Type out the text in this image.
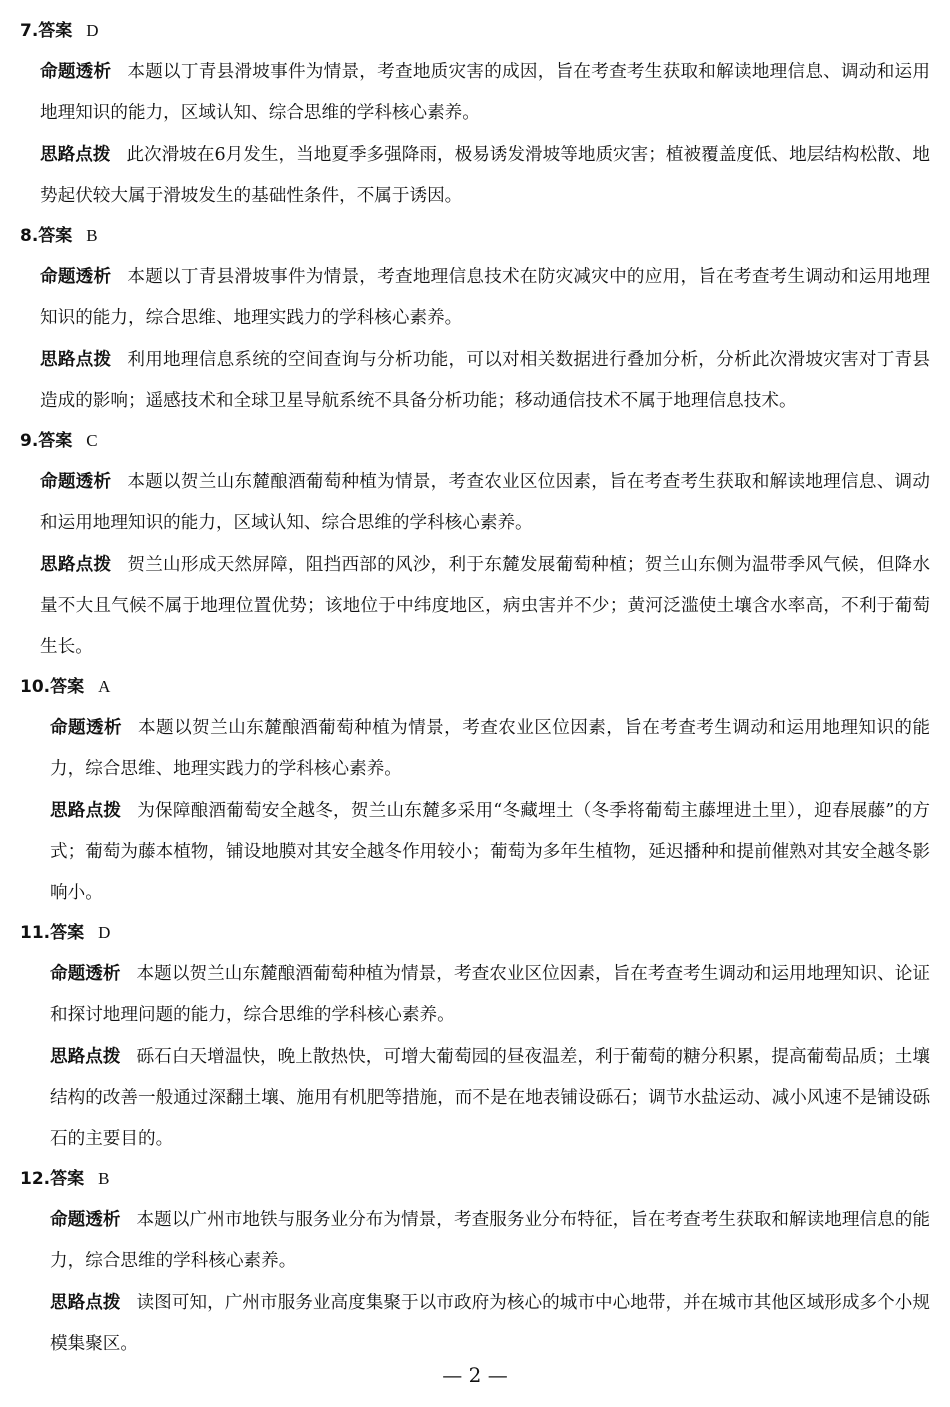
7.答案 D
命题透析 本题以丁青县滑坡事件为情景，考查地质灾害的成因，旨在考查考生获取和解读地理信息、调动和运用地理知识的能力，区域认知、综合思维的学科核心素养。
思路点拨 此次滑坡在6月发生，当地夏季多强降雨，极易诱发滑坡等地质灾害；植被覆盖度低、地层结构松散、地势起伏较大属于滑坡发生的基础性条件，不属于诱因。
8.答案 B
命题透析 本题以丁青县滑坡事件为情景，考查地理信息技术在防灾减灾中的应用，旨在考查考生调动和运用地理知识的能力，综合思维、地理实践力的学科核心素养。
思路点拨 利用地理信息系统的空间查询与分析功能，可以对相关数据进行叠加分析，分析此次滑坡灾害对丁青县造成的影响；遥感技术和全球卫星导航系统不具备分析功能；移动通信技术不属于地理信息技术。
9.答案 C
命题透析 本题以贺兰山东麓酿酒葡萄种植为情景，考查农业区位因素，旨在考查考生获取和解读地理信息、调动和运用地理知识的能力，区域认知、综合思维的学科核心素养。
思路点拨 贺兰山形成天然屏障，阻挡西部的风沙，利于东麓发展葡萄种植；贺兰山东侧为温带季风气候，但降水量不大且气候不属于地理位置优势；该地位于中纬度地区，病虫害并不少；黄河泛滥使土壤含水率高，不利于葡萄生长。
10.答案 A
命题透析 本题以贺兰山东麓酿酒葡萄种植为情景，考查农业区位因素，旨在考查考生调动和运用地理知识的能力，综合思维、地理实践力的学科核心素养。
思路点拨 为保障酿酒葡萄安全越冬，贺兰山东麓多采用“冬藏埋土（冬季将葡萄主藤埋进土里），迎春展藤”的方式；葡萄为藤本植物，铺设地膜对其安全越冬作用较小；葡萄为多年生植物，延迟播种和提前催熟对其安全越冬影响小。
11.答案 D
命题透析 本题以贺兰山东麓酿酒葡萄种植为情景，考查农业区位因素，旨在考查考生调动和运用地理知识、论证和探讨地理问题的能力，综合思维的学科核心素养。
思路点拨 砾石白天增温快，晚上散热快，可增大葡萄园的昼夜温差，利于葡萄的糖分积累，提高葡萄品质；土壤结构的改善一般通过深翻土壤、施用有机肥等措施，而不是在地表铺设砾石；调节水盐运动、减小风速不是铺设砾石的主要目的。
12.答案 B
命题透析 本题以广州市地铁与服务业分布为情景，考查服务业分布特征，旨在考查考生获取和解读地理信息的能力，综合思维的学科核心素养。
思路点拨 读图可知，广州市服务业高度集聚于以市政府为核心的城市中心地带，并在城市其他区域形成多个小规模集聚区。
— 2 —
